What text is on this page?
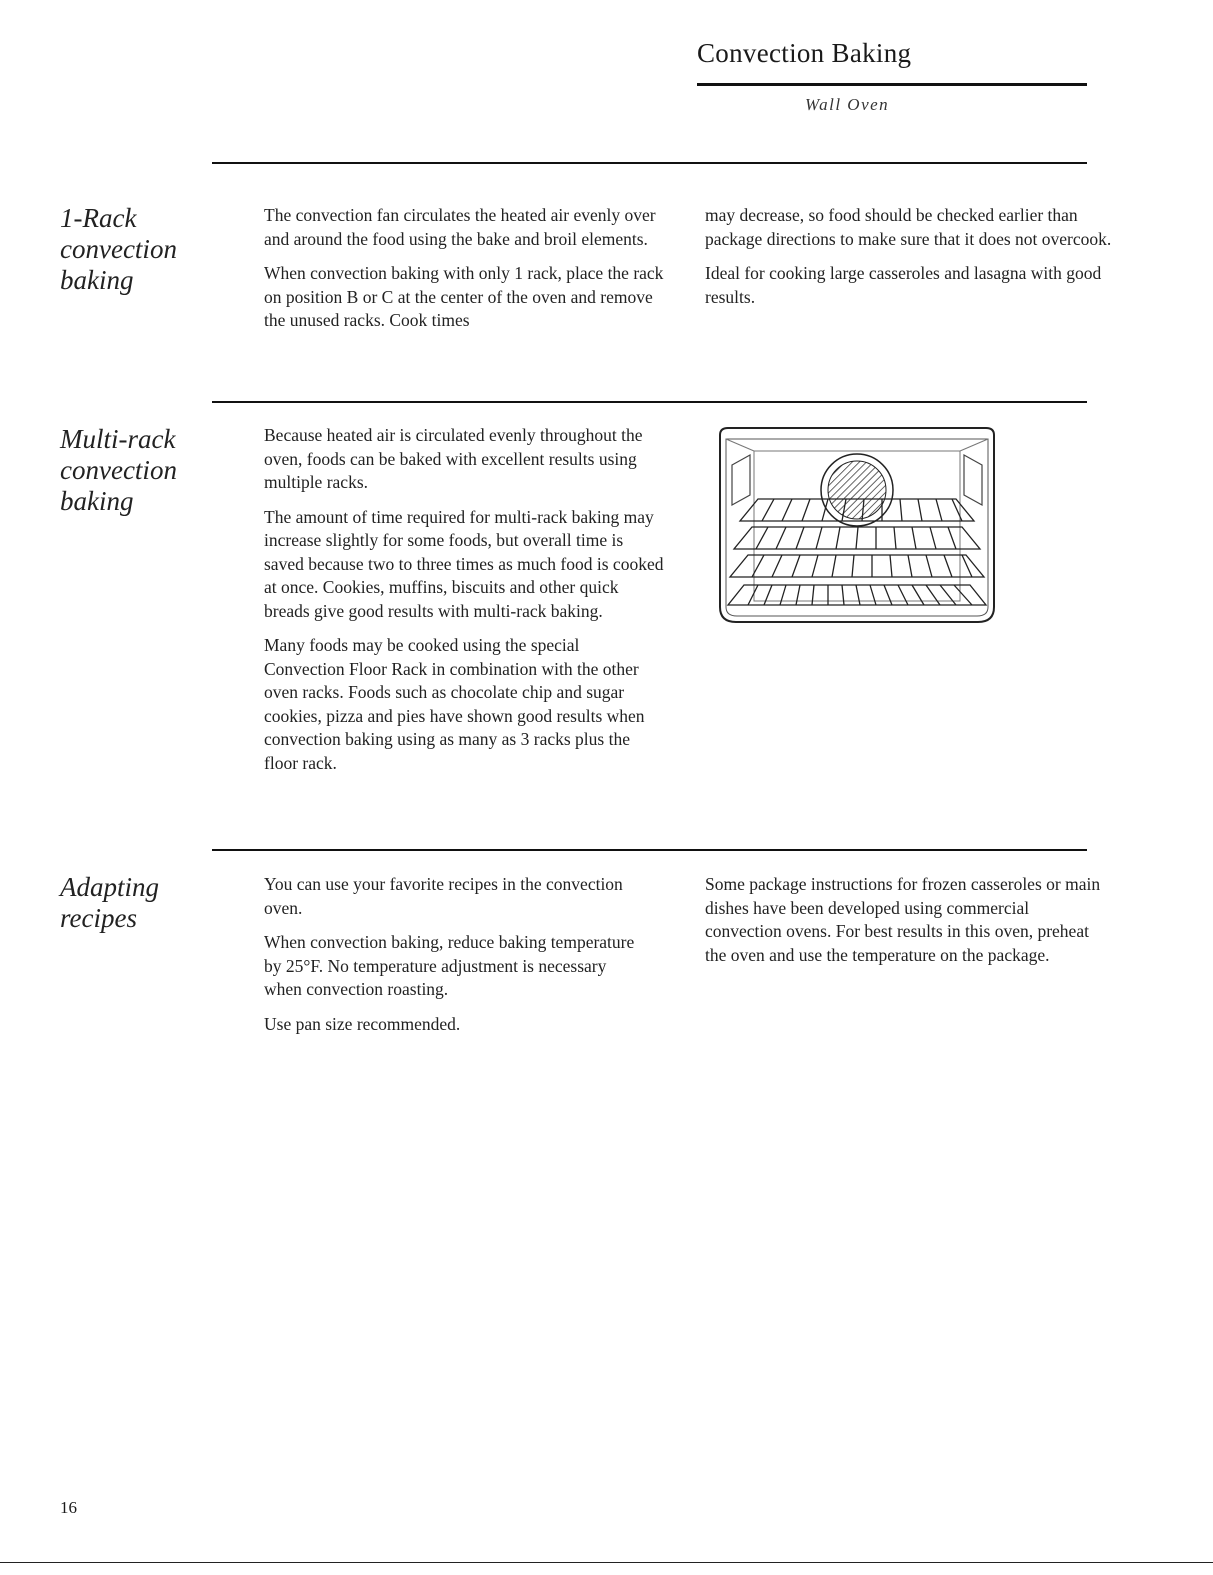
Convection Baking
Wall Oven
1-Rack
convection
baking

The convection fan circulates the heated air evenly over and around the food using the bake and broil elements.

When convection baking with only 1 rack, place the rack on position B or C at the center of the oven and remove the unused racks. Cook times

may decrease, so food should be checked earlier than package directions to make sure that it does not overcook.

Ideal for cooking large casseroles and lasagna with good results.

Multi-rack
convection
baking

Because heated air is circulated evenly throughout the oven, foods can be baked with excellent results using multiple racks.

The amount of time required for multi-rack baking may increase slightly for some foods, but overall time is saved because two to three times as much food is cooked at once. Cookies, muffins, biscuits and other quick breads give good results with multi-rack baking.

Many foods may be cooked using the special Convection Floor Rack in combination with the other oven racks. Foods such as chocolate chip and sugar cookies, pizza and pies have shown good results when convection baking using as many as 3 racks plus the floor rack.

Adapting
recipes

You can use your favorite recipes in the convection oven.

When convection baking, reduce baking temperature by 25°F. No temperature adjustment is necessary when convection roasting.

Use pan size recommended.

Some package instructions for frozen casseroles or main dishes have been developed using commercial convection ovens. For best results in this oven, preheat the oven and use the temperature on the package.

16
